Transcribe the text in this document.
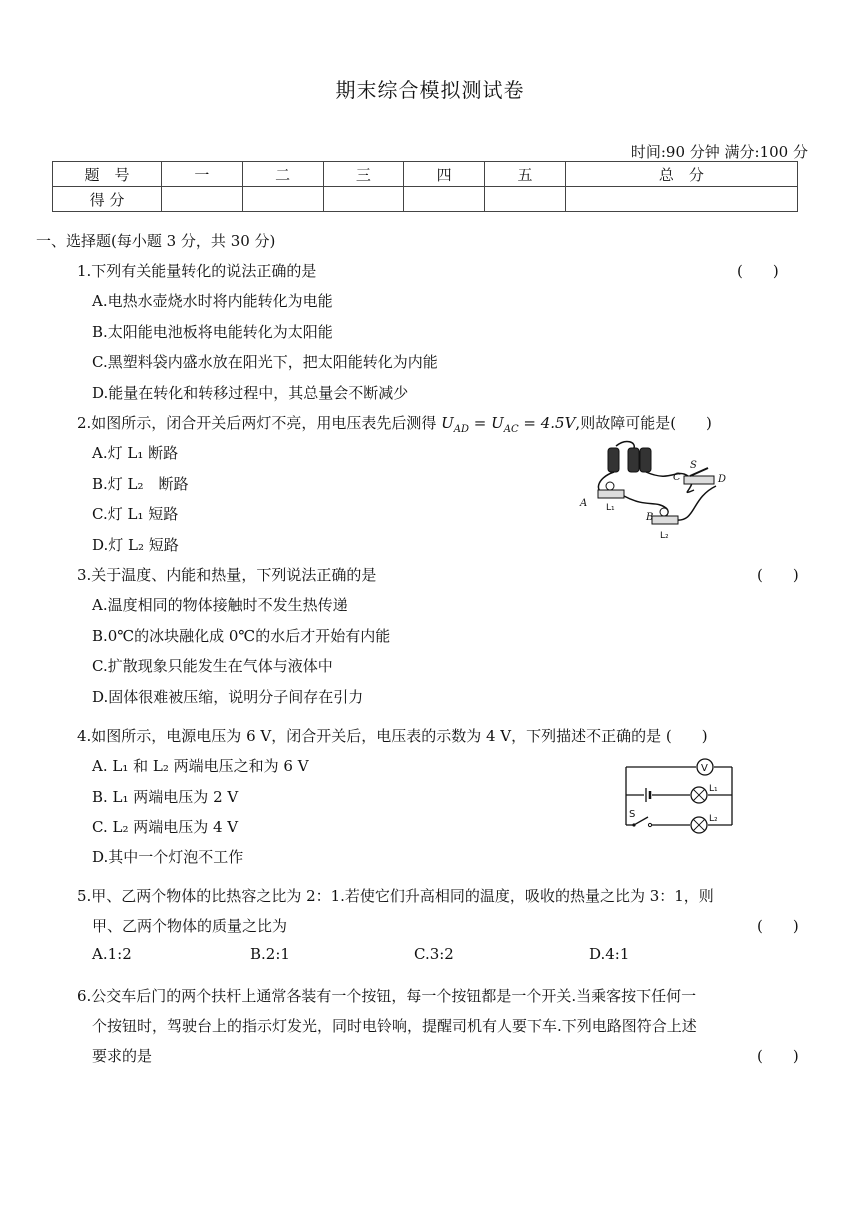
期末综合模拟测试卷
时间:90 分钟 满分:100 分
题　号	一	二	三	四	五	总　分
得 分						
一、选择题(每小题 3 分，共 30 分)
1.下列有关能量转化的说法正确的是	(　　)
A.电热水壶烧水时将内能转化为电能
B.太阳能电池板将电能转化为太阳能
C.黑塑料袋内盛水放在阳光下，把太阳能转化为内能
D.能量在转化和转移过程中，其总量会不断减少
2.如图所示，闭合开关后两灯不亮，用电压表先后测得 $U_{AD} = U_{AC} = 4.5V$,则故障可能是(　　)
A.灯 L₁ 断路
B.灯 L₂　断路
C.灯 L₁ 短路
D.灯 L₂ 短路
A
B
C	D
S
L₁
L₂
3.关于温度、内能和热量，下列说法正确的是	(　　)
A.温度相同的物体接触时不发生热传递
B.0℃的冰块融化成 0℃的水后才开始有内能
C.扩散现象只能发生在气体与液体中
D.固体很难被压缩，说明分子间存在引力
4.如图所示，电源电压为 6 V，闭合开关后，电压表的示数为 4 V，下列描述不正确的是 (　　)
A. L₁ 和 L₂ 两端电压之和为 6 V
B. L₁ 两端电压为 2 V
C. L₂ 两端电压为 4 V
D.其中一个灯泡不工作
V
L₁
L₂
S
5.甲、乙两个物体的比热容之比为 2：1.若使它们升高相同的温度，吸收的热量之比为 3：1，则
甲、乙两个物体的质量之比为	(　　)
A.1:2	B.2:1	C.3:2	D.4:1
6.公交车后门的两个扶杆上通常各装有一个按钮，每一个按钮都是一个开关.当乘客按下任何一
个按钮时，驾驶台上的指示灯发光，同时电铃响，提醒司机有人要下车.下列电路图符合上述
要求的是	(　　)
